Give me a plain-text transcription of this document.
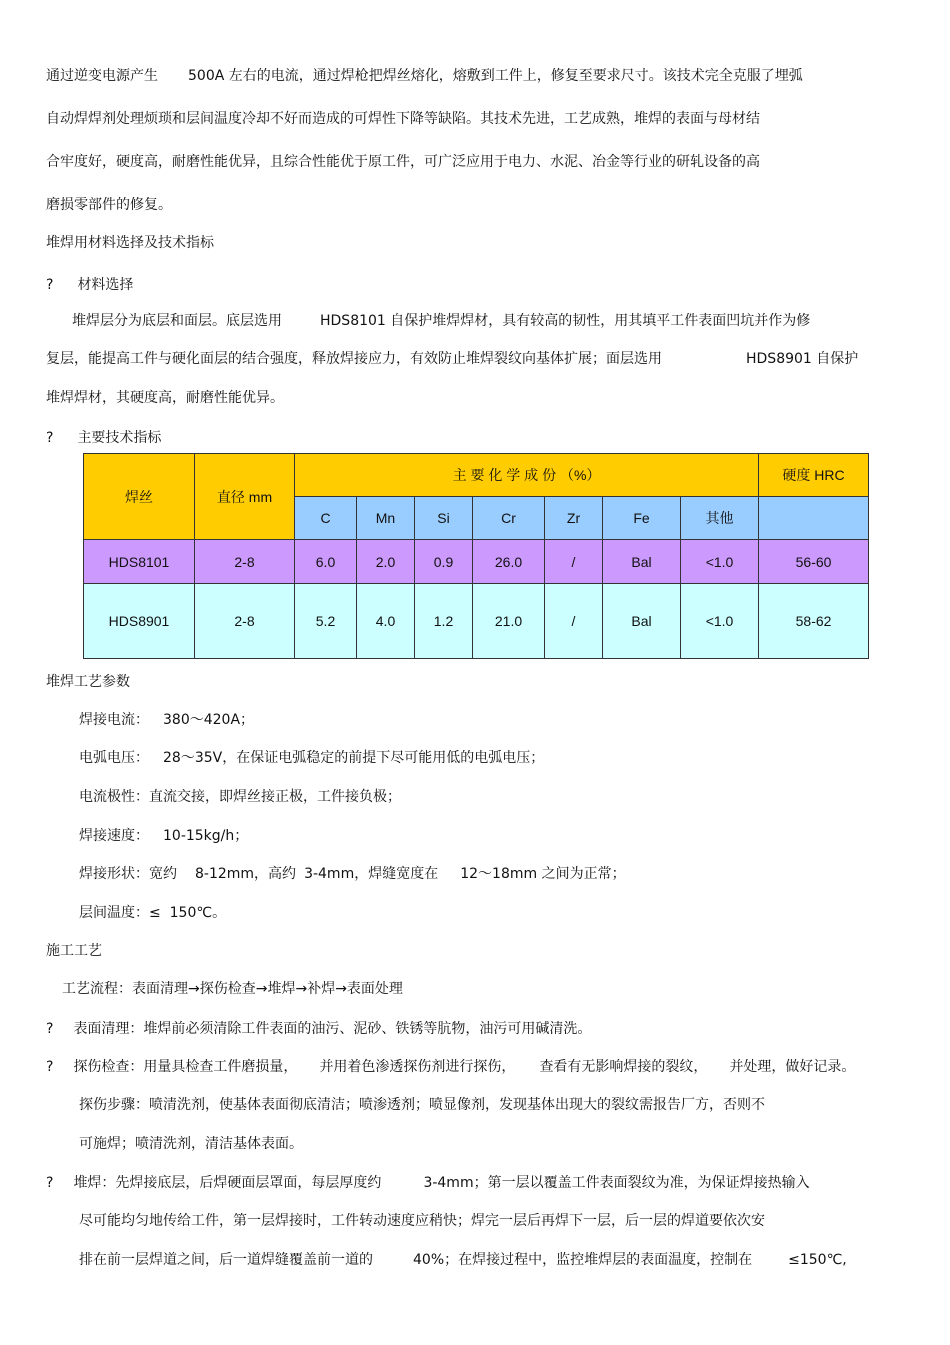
通过逆变电源产生 500A 左右的电流，通过焊枪把焊丝熔化，熔敷到工件上，修复至要求尺寸。该技术完全克服了埋弧
自动焊焊剂处理烦琐和层间温度冷却不好而造成的可焊性下降等缺陷。其技术先进，工艺成熟，堆焊的表面与母材结
合牢度好，硬度高，耐磨性能优异，且综合性能优于原工件，可广泛应用于电力、水泥、冶金等行业的研轧设备的高
磨损零部件的修复。
堆焊用材料选择及技术指标
? 材料选择
堆焊层分为底层和面层。底层选用	HDS8101 自保护堆焊焊材，具有较高的韧性，用其填平工件表面凹坑并作为修
复层，能提高工件与硬化面层的结合强度，释放焊接应力，有效防止堆焊裂纹向基体扩展；面层选用	HDS8901 自保护
堆焊焊材，其硬度高，耐磨性能优异。
? 主要技术指标
焊丝	直径 mm	主 要 化 学 成 份 （%）							硬度 HRC
		C	Mn	Si	Cr	Zr	Fe	其他	
HDS8101	2-8	6.0	2.0	0.9	26.0	/	Bal	<1.0	56-60
HDS8901	2-8	5.2	4.0	1.2	21.0	/	Bal	<1.0	58-62
堆焊工艺参数
焊接电流： 380～420A；
电弧电压： 28～35V，在保证电弧稳定的前提下尽可能用低的电弧电压；
电流极性：直流交接，即焊丝接正极，工件接负极；
焊接速度： 10-15kg/h；
焊接形状：宽约 8-12mm，高约 3-4mm，焊缝宽度在 12～18mm 之间为正常；
层间温度：≤  150℃。
施工工艺
工艺流程：表面清理→探伤检查→堆焊→补焊→表面处理
? 表面清理：堆焊前必须清除工件表面的油污、泥砂、铁锈等肮物，油污可用碱清洗。
? 探伤检查：用量具检查工件磨损量， 并用着色渗透探伤剂进行探伤， 查看有无影响焊接的裂纹， 并处理，做好记录。
探伤步骤：喷清洗剂，使基体表面彻底清洁；喷渗透剂；喷显像剂，发现基体出现大的裂纹需报告厂方，否则不
可施焊；喷清洗剂，清洁基体表面。
? 堆焊：先焊接底层，后焊硬面层罩面，每层厚度约	3-4mm；第一层以覆盖工件表面裂纹为准，为保证焊接热输入
尽可能均匀地传给工件，第一层焊接时，工件转动速度应稍快；焊完一层后再焊下一层，后一层的焊道要依次安
排在前一层焊道之间，后一道焊缝覆盖前一道的	40%；在焊接过程中，监控堆焊层的表面温度，控制在	≤150℃,
